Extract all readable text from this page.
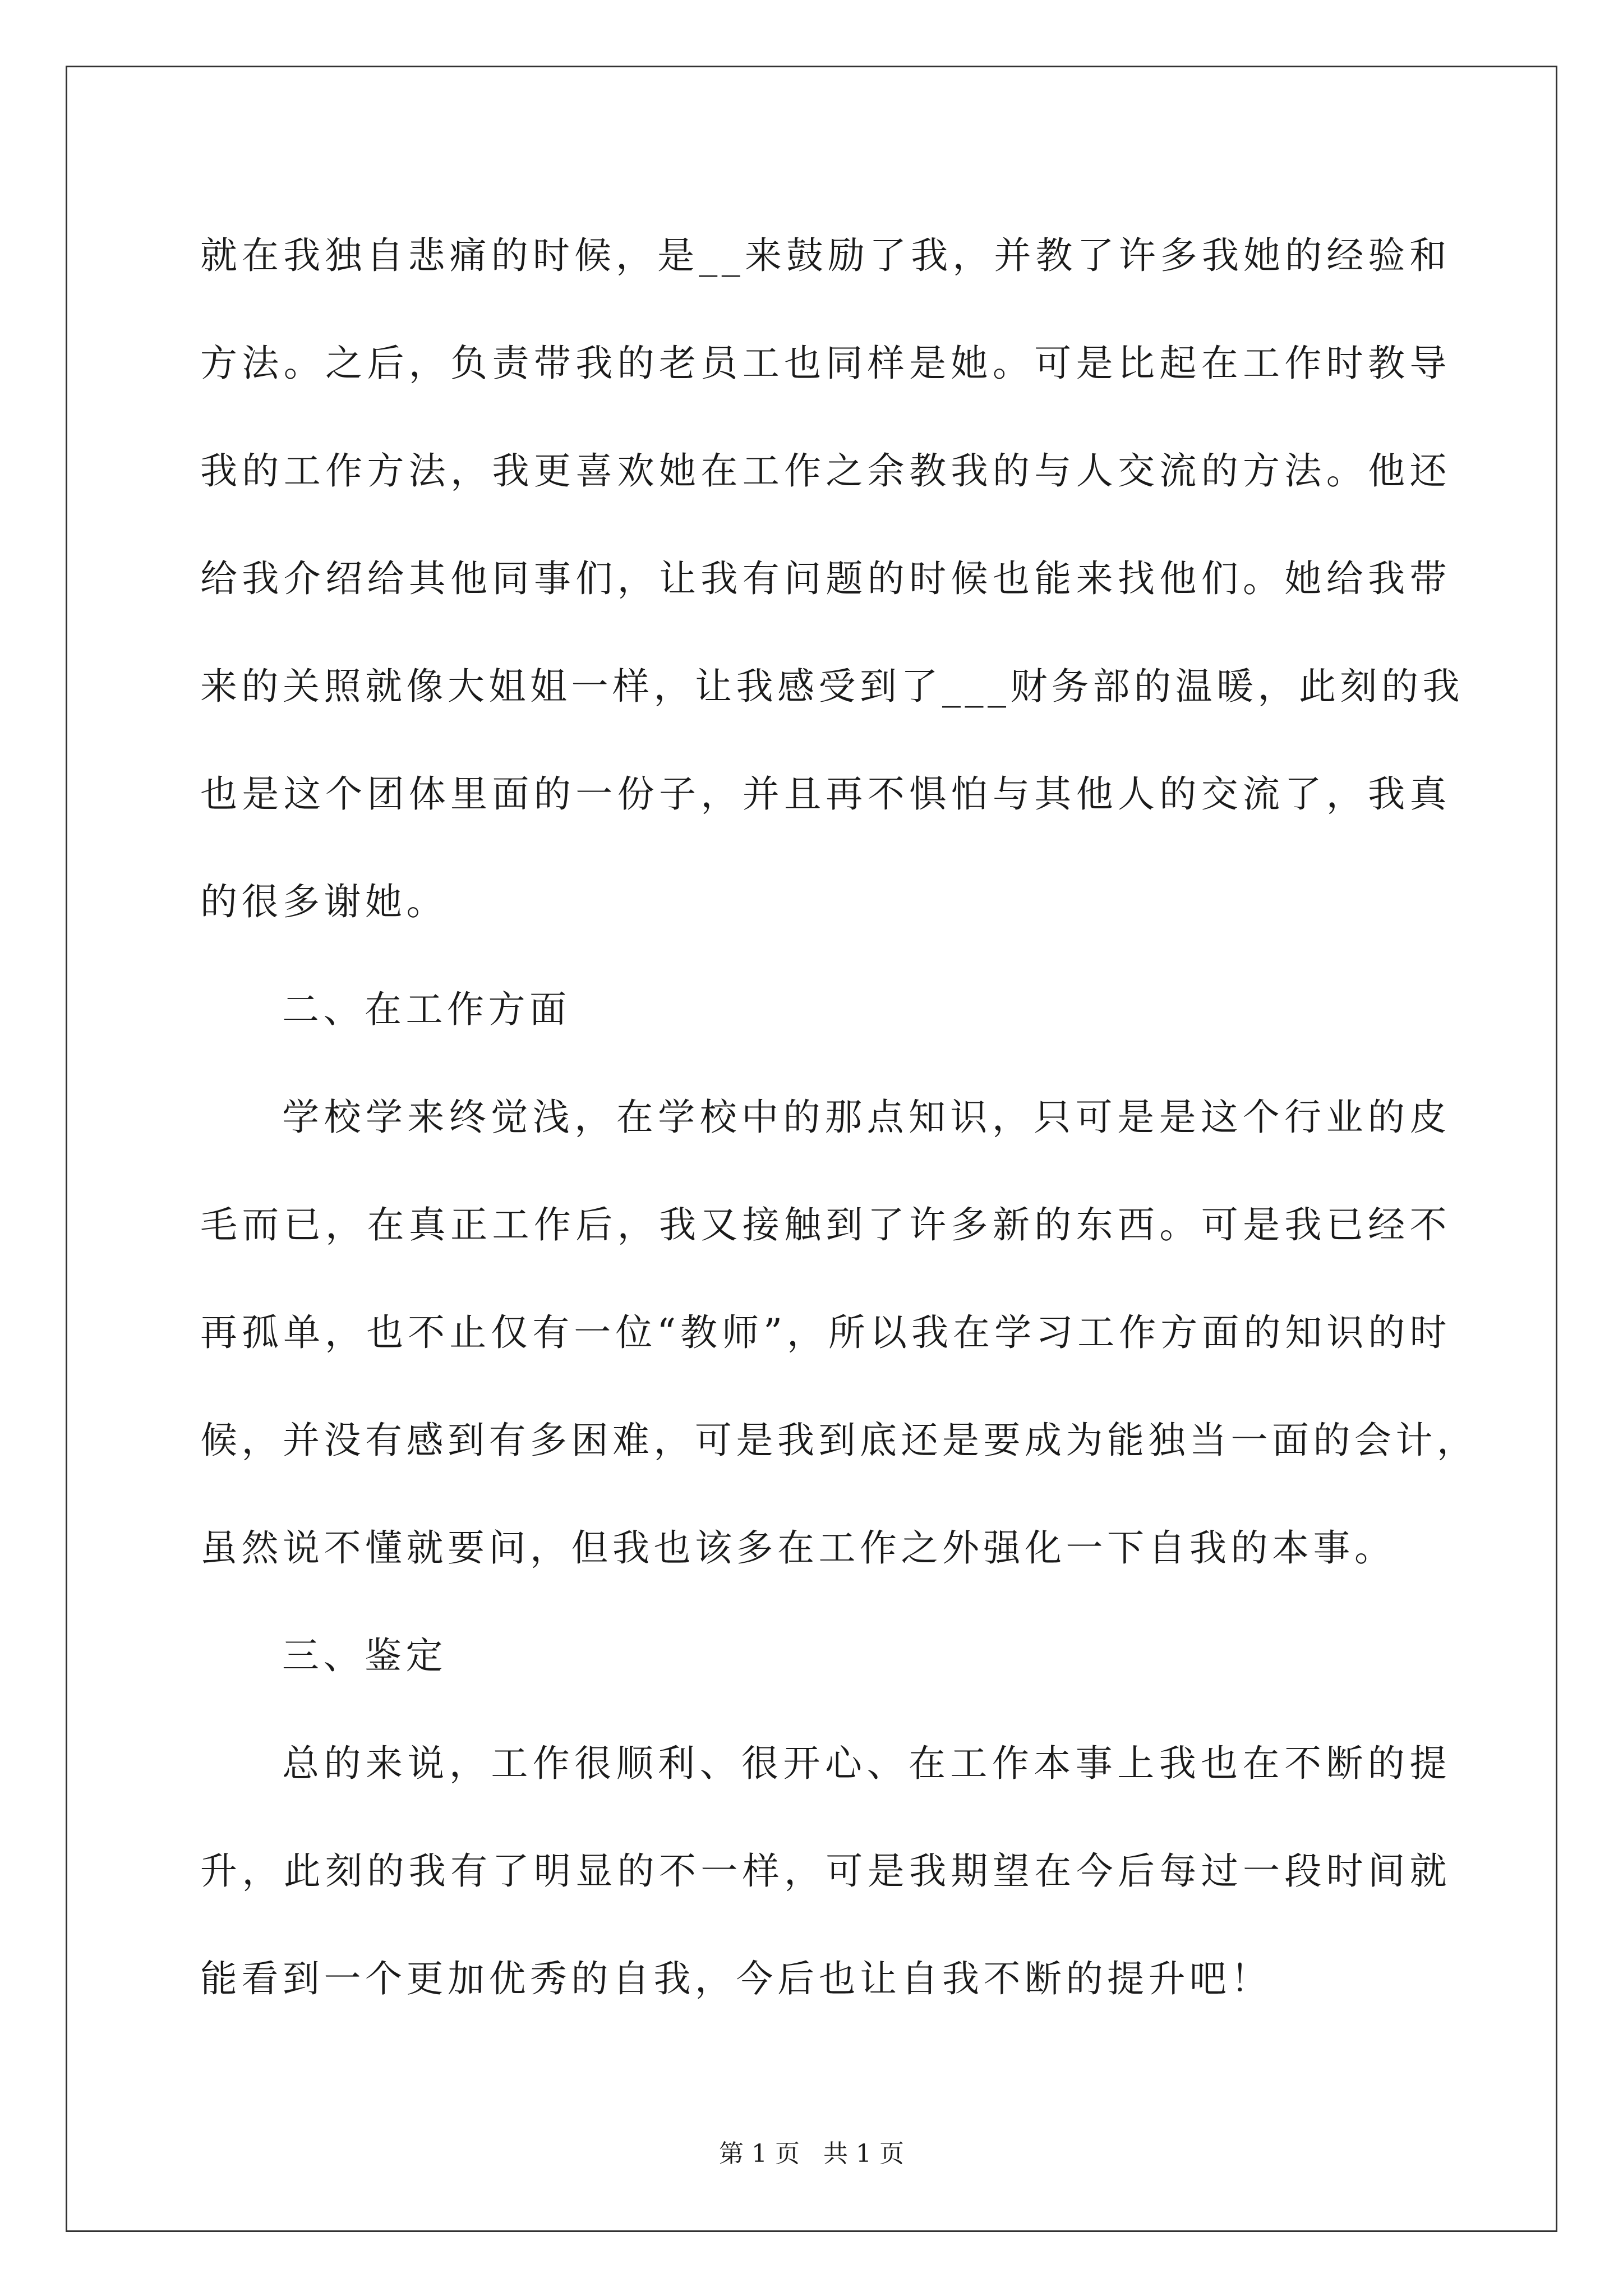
就在我独自悲痛的时候，是__来鼓励了我，并教了许多我她的经验和
方法。之后，负责带我的老员工也同样是她。可是比起在工作时教导
我的工作方法，我更喜欢她在工作之余教我的与人交流的方法。他还
给我介绍给其他同事们，让我有问题的时候也能来找他们。她给我带
来的关照就像大姐姐一样，让我感受到了___财务部的温暖，此刻的我
也是这个团体里面的一份子，并且再不惧怕与其他人的交流了，我真
的很多谢她。
二、在工作方面
学校学来终觉浅，在学校中的那点知识，只可是是这个行业的皮
毛而已，在真正工作后，我又接触到了许多新的东西。可是我已经不
再孤单，也不止仅有一位“教师”，所以我在学习工作方面的知识的时
候，并没有感到有多困难，可是我到底还是要成为能独当一面的会计，
虽然说不懂就要问，但我也该多在工作之外强化一下自我的本事。
三、鉴定
总的来说，工作很顺利、很开心、在工作本事上我也在不断的提
升，此刻的我有了明显的不一样，可是我期望在今后每过一段时间就
能看到一个更加优秀的自我，今后也让自我不断的提升吧！
第 1 页   共 1 页
